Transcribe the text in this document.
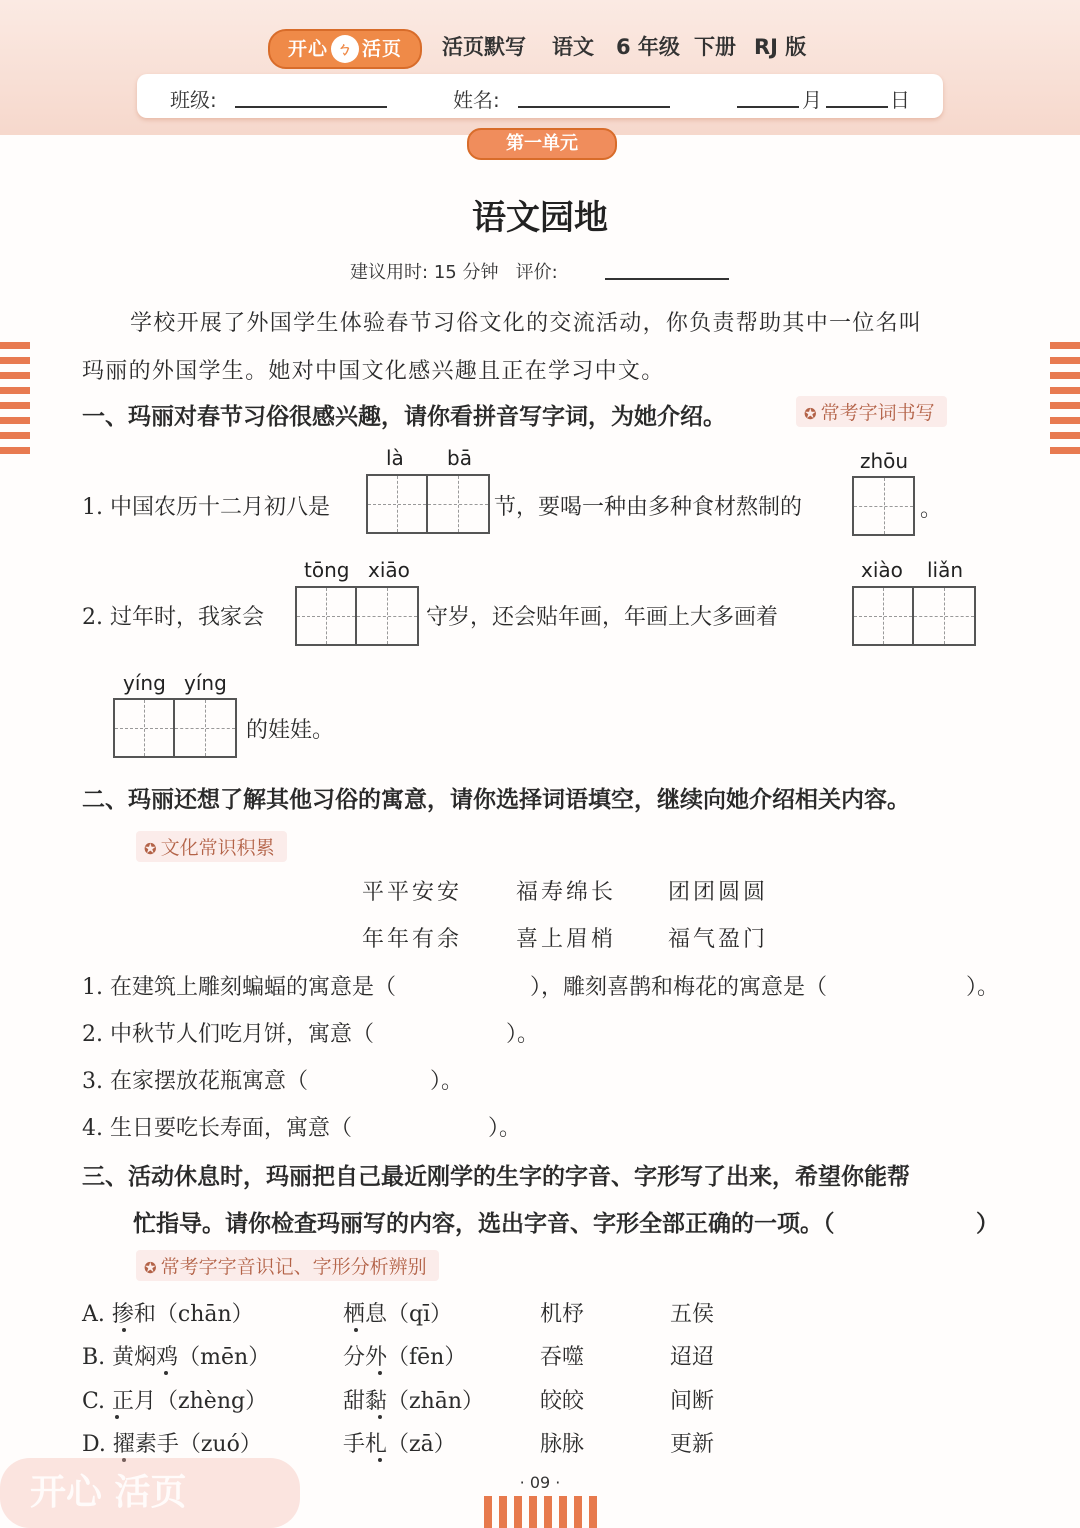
开心 ㄅ 活页	活页默写 语文 6 年级 下册 RJ 版
班级:	姓名:	月	日
第一单元
语文园地
建议用时: 15 分钟 评价:
学校开展了外国学生体验春节习俗文化的交流活动，你负责帮助其中一位名叫
玛丽的外国学生。她对中国文化感兴趣且正在学习中文。
一、玛丽对春节习俗很感兴趣，请你看拼音写字词，为她介绍。	✪ 常考字词书写
1. 中国农历十二月初八是
là bā
节，要喝一种由多种食材熬制的
zhōu
。
2. 过年时，我家会
tōng xiāo
守岁，还会贴年画，年画上大多画着
xiào liǎn
yíng yíng
的娃娃。
二、玛丽还想了解其他习俗的寓意，请你选择词语填空，继续向她介绍相关内容。
✪ 文化常识积累
平平安安 福寿绵长 团团圆圆
年年有余 喜上眉梢 福气盈门
1. 在建筑上雕刻蝙蝠的寓意是（	），雕刻喜鹊和梅花的寓意是（	）。
2. 中秋节人们吃月饼，寓意（	）。
3. 在家摆放花瓶寓意（	）。
4. 生日要吃长寿面，寓意（	）。
三、活动休息时，玛丽把自己最近刚学的生字的字音、字形写了出来，希望你能帮
忙指导。请你检查玛丽写的内容，选出字音、字形全部正确的一项。（	）
✪ 常考字字音识记、字形分析辨别
A. 掺和（chān）	栖息（qī）	机杼	五侯
B. 黄焖鸡（mēn）	分外（fēn）	吞噬	迢迢
C. 正月（zhèng）	甜黏（zhān）	皎皎	间断
D. 擢素手（zuó）	手札（zā）	脉脉	更新
开心 活页	· 09 ·
